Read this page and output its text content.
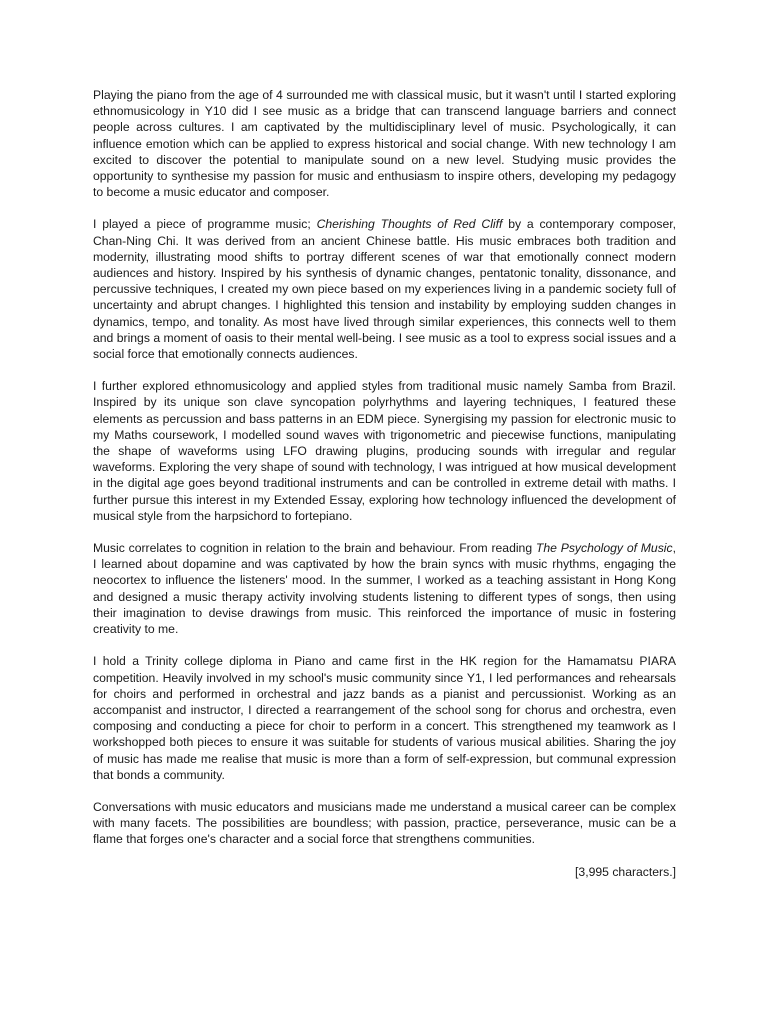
Playing the piano from the age of 4 surrounded me with classical music, but it wasn't until I started exploring ethnomusicology in Y10 did I see music as a bridge that can transcend language barriers and connect people across cultures. I am captivated by the multidisciplinary level of music. Psychologically, it can influence emotion which can be applied to express historical and social change. With new technology I am excited to discover the potential to manipulate sound on a new level. Studying music provides the opportunity to synthesise my passion for music and enthusiasm to inspire others, developing my pedagogy to become a music educator and composer.

I played a piece of programme music; Cherishing Thoughts of Red Cliff by a contemporary composer, Chan-Ning Chi. It was derived from an ancient Chinese battle. His music embraces both tradition and modernity, illustrating mood shifts to portray different scenes of war that emotionally connect modern audiences and history. Inspired by his synthesis of dynamic changes, pentatonic tonality, dissonance, and percussive techniques, I created my own piece based on my experiences living in a pandemic society full of uncertainty and abrupt changes. I highlighted this tension and instability by employing sudden changes in dynamics, tempo, and tonality. As most have lived through similar experiences, this connects well to them and brings a moment of oasis to their mental well-being. I see music as a tool to express social issues and a social force that emotionally connects audiences.

I further explored ethnomusicology and applied styles from traditional music namely Samba from Brazil. Inspired by its unique son clave syncopation polyrhythms and layering techniques, I featured these elements as percussion and bass patterns in an EDM piece. Synergising my passion for electronic music to my Maths coursework, I modelled sound waves with trigonometric and piecewise functions, manipulating the shape of waveforms using LFO drawing plugins, producing sounds with irregular and regular waveforms. Exploring the very shape of sound with technology, I was intrigued at how musical development in the digital age goes beyond traditional instruments and can be controlled in extreme detail with maths. I further pursue this interest in my Extended Essay, exploring how technology influenced the development of musical style from the harpsichord to fortepiano.

Music correlates to cognition in relation to the brain and behaviour. From reading The Psychology of Music, I learned about dopamine and was captivated by how the brain syncs with music rhythms, engaging the neocortex to influence the listeners' mood. In the summer, I worked as a teaching assistant in Hong Kong and designed a music therapy activity involving students listening to different types of songs, then using their imagination to devise drawings from music. This reinforced the importance of music in fostering creativity to me.

I hold a Trinity college diploma in Piano and came first in the HK region for the Hamamatsu PIARA competition. Heavily involved in my school's music community since Y1, I led performances and rehearsals for choirs and performed in orchestral and jazz bands as a pianist and percussionist. Working as an accompanist and instructor, I directed a rearrangement of the school song for chorus and orchestra, even composing and conducting a piece for choir to perform in a concert. This strengthened my teamwork as I workshopped both pieces to ensure it was suitable for students of various musical abilities. Sharing the joy of music has made me realise that music is more than a form of self-expression, but communal expression that bonds a community.

Conversations with music educators and musicians made me understand a musical career can be complex with many facets. The possibilities are boundless; with passion, practice, perseverance, music can be a flame that forges one's character and a social force that strengthens communities.

[3,995 characters.]
